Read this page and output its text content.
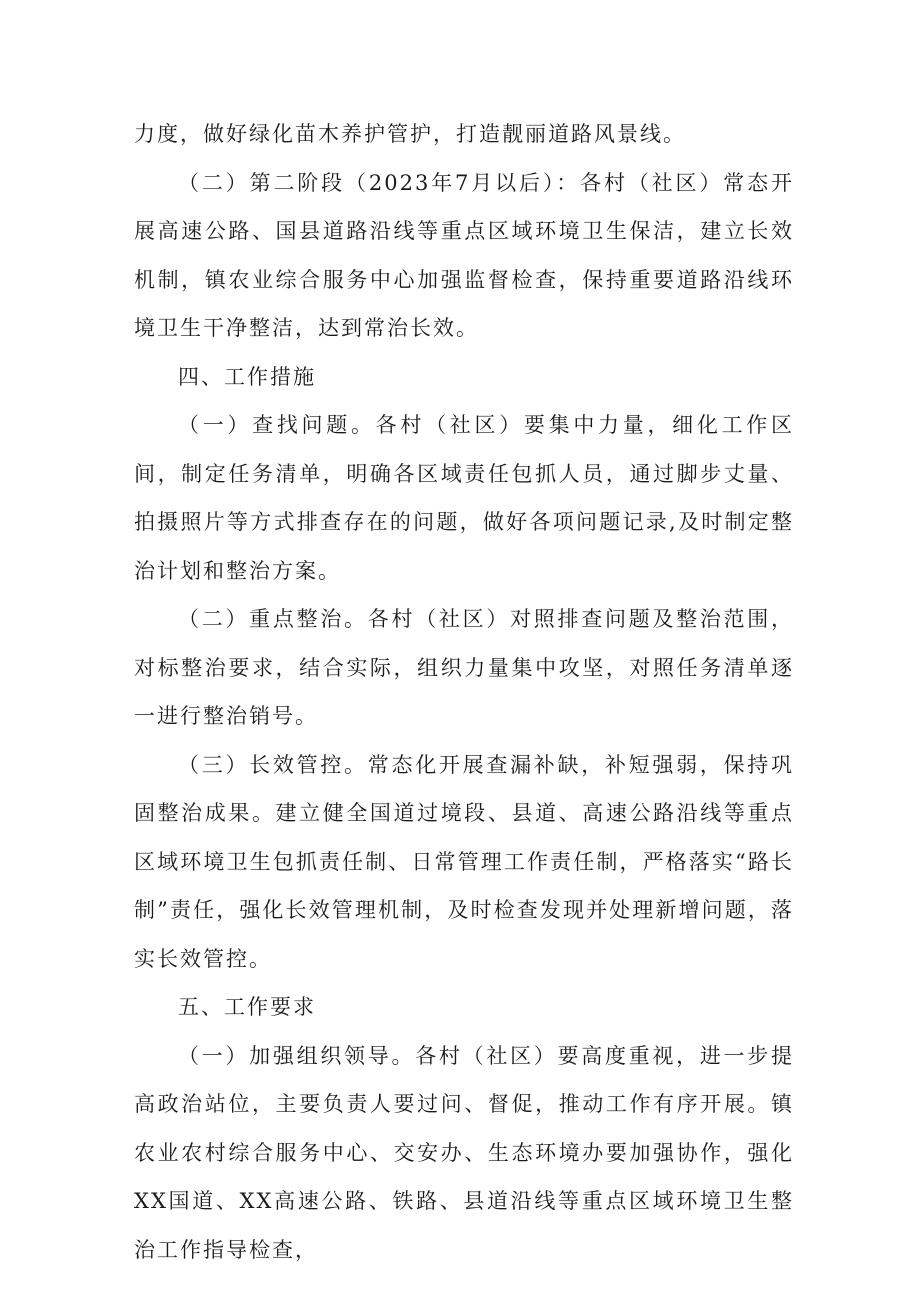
力度，做好绿化苗木养护管护，打造靓丽道路风景线。

（二）第二阶段（2023年7月以后）：各村（社区）常态开展高速公路、国县道路沿线等重点区域环境卫生保洁，建立长效机制，镇农业综合服务中心加强监督检查，保持重要道路沿线环境卫生干净整洁，达到常治长效。

四、工作措施

（一）查找问题。各村（社区）要集中力量，细化工作区间，制定任务清单，明确各区域责任包抓人员，通过脚步丈量、拍摄照片等方式排查存在的问题，做好各项问题记录,及时制定整治计划和整治方案。

（二）重点整治。各村（社区）对照排查问题及整治范围，对标整治要求，结合实际，组织力量集中攻坚，对照任务清单逐一进行整治销号。

（三）长效管控。常态化开展查漏补缺，补短强弱，保持巩固整治成果。建立健全国道过境段、县道、高速公路沿线等重点区域环境卫生包抓责任制、日常管理工作责任制，严格落实“路长制”责任，强化长效管理机制，及时检查发现并处理新增问题，落实长效管控。

五、工作要求

（一）加强组织领导。各村（社区）要高度重视，进一步提高政治站位，主要负责人要过问、督促，推动工作有序开展。镇农业农村综合服务中心、交安办、生态环境办要加强协作，强化XX国道、XX高速公路、铁路、县道沿线等重点区域环境卫生整治工作指导检查，
